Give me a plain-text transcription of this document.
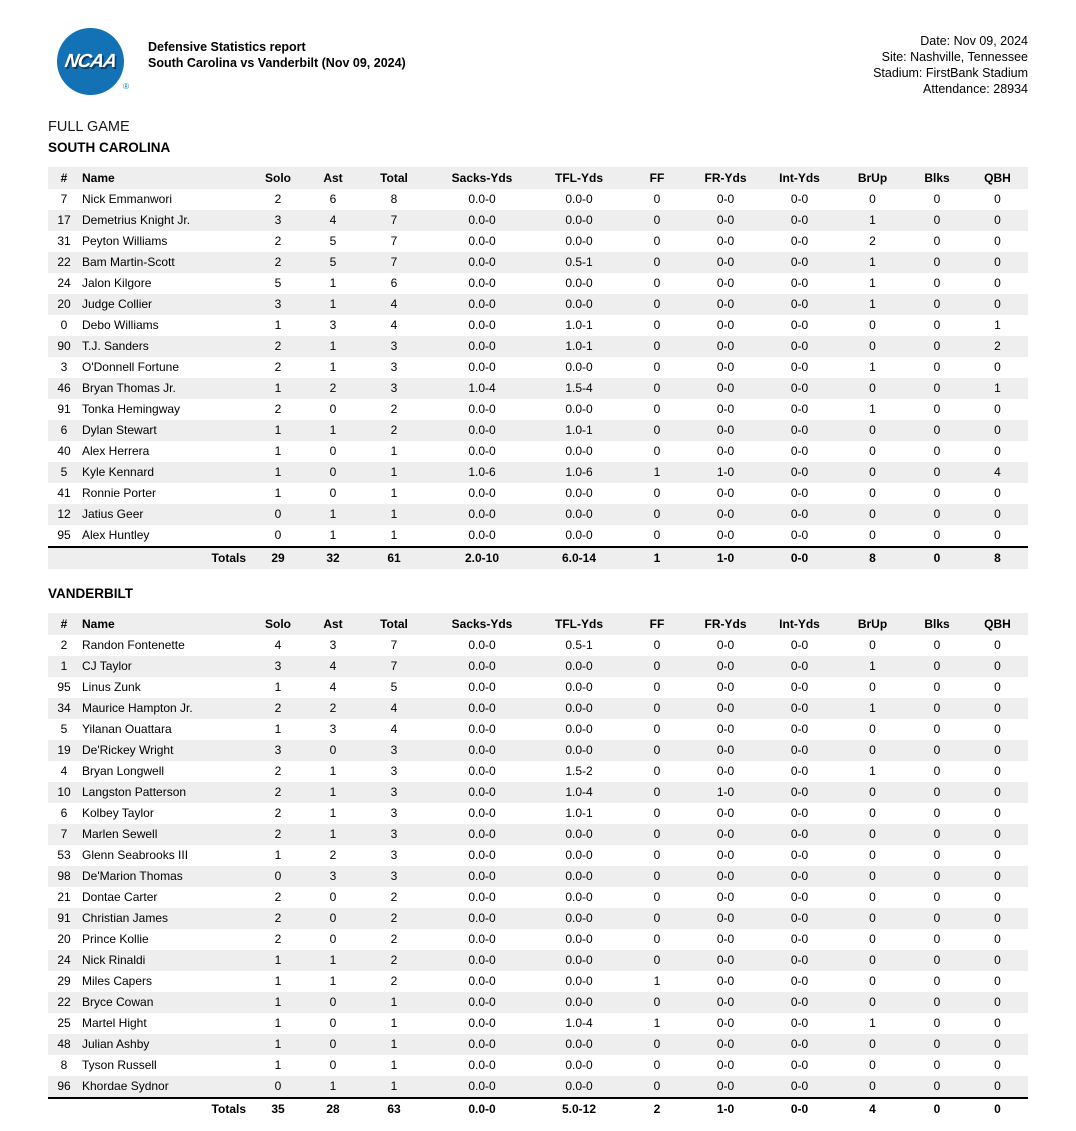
NCAA
®
Defensive Statistics report
South Carolina vs Vanderbilt (Nov 09, 2024)
Date: Nov 09, 2024
Site: Nashville, Tennessee
Stadium: FirstBank Stadium
Attendance: 28934
FULL GAME
SOUTH CAROLINA
#	Name	Solo	Ast	Total	Sacks-Yds	TFL-Yds	FF	FR-Yds	Int-Yds	BrUp	Blks	QBH
7	Nick Emmanwori	2	6	8	0.0-0	0.0-0	0	0-0	0-0	0	0	0
17	Demetrius Knight Jr.	3	4	7	0.0-0	0.0-0	0	0-0	0-0	1	0	0
31	Peyton Williams	2	5	7	0.0-0	0.0-0	0	0-0	0-0	2	0	0
22	Bam Martin-Scott	2	5	7	0.0-0	0.5-1	0	0-0	0-0	1	0	0
24	Jalon Kilgore	5	1	6	0.0-0	0.0-0	0	0-0	0-0	1	0	0
20	Judge Collier	3	1	4	0.0-0	0.0-0	0	0-0	0-0	1	0	0
0	Debo Williams	1	3	4	0.0-0	1.0-1	0	0-0	0-0	0	0	1
90	T.J. Sanders	2	1	3	0.0-0	1.0-1	0	0-0	0-0	0	0	2
3	O'Donnell Fortune	2	1	3	0.0-0	0.0-0	0	0-0	0-0	1	0	0
46	Bryan Thomas Jr.	1	2	3	1.0-4	1.5-4	0	0-0	0-0	0	0	1
91	Tonka Hemingway	2	0	2	0.0-0	0.0-0	0	0-0	0-0	1	0	0
6	Dylan Stewart	1	1	2	0.0-0	1.0-1	0	0-0	0-0	0	0	0
40	Alex Herrera	1	0	1	0.0-0	0.0-0	0	0-0	0-0	0	0	0
5	Kyle Kennard	1	0	1	1.0-6	1.0-6	1	1-0	0-0	0	0	4
41	Ronnie Porter	1	0	1	0.0-0	0.0-0	0	0-0	0-0	0	0	0
12	Jatius Geer	0	1	1	0.0-0	0.0-0	0	0-0	0-0	0	0	0
95	Alex Huntley	0	1	1	0.0-0	0.0-0	0	0-0	0-0	0	0	0
Totals		29	32	61	2.0-10	6.0-14	1	1-0	0-0	8	0	8
VANDERBILT
#	Name	Solo	Ast	Total	Sacks-Yds	TFL-Yds	FF	FR-Yds	Int-Yds	BrUp	Blks	QBH
2	Randon Fontenette	4	3	7	0.0-0	0.5-1	0	0-0	0-0	0	0	0
1	CJ Taylor	3	4	7	0.0-0	0.0-0	0	0-0	0-0	1	0	0
95	Linus Zunk	1	4	5	0.0-0	0.0-0	0	0-0	0-0	0	0	0
34	Maurice Hampton Jr.	2	2	4	0.0-0	0.0-0	0	0-0	0-0	1	0	0
5	Yilanan Ouattara	1	3	4	0.0-0	0.0-0	0	0-0	0-0	0	0	0
19	De'Rickey Wright	3	0	3	0.0-0	0.0-0	0	0-0	0-0	0	0	0
4	Bryan Longwell	2	1	3	0.0-0	1.5-2	0	0-0	0-0	1	0	0
10	Langston Patterson	2	1	3	0.0-0	1.0-4	0	1-0	0-0	0	0	0
6	Kolbey Taylor	2	1	3	0.0-0	1.0-1	0	0-0	0-0	0	0	0
7	Marlen Sewell	2	1	3	0.0-0	0.0-0	0	0-0	0-0	0	0	0
53	Glenn Seabrooks III	1	2	3	0.0-0	0.0-0	0	0-0	0-0	0	0	0
98	De'Marion Thomas	0	3	3	0.0-0	0.0-0	0	0-0	0-0	0	0	0
21	Dontae Carter	2	0	2	0.0-0	0.0-0	0	0-0	0-0	0	0	0
91	Christian James	2	0	2	0.0-0	0.0-0	0	0-0	0-0	0	0	0
20	Prince Kollie	2	0	2	0.0-0	0.0-0	0	0-0	0-0	0	0	0
24	Nick Rinaldi	1	1	2	0.0-0	0.0-0	0	0-0	0-0	0	0	0
29	Miles Capers	1	1	2	0.0-0	0.0-0	1	0-0	0-0	0	0	0
22	Bryce Cowan	1	0	1	0.0-0	0.0-0	0	0-0	0-0	0	0	0
25	Martel Hight	1	0	1	0.0-0	1.0-4	1	0-0	0-0	1	0	0
48	Julian Ashby	1	0	1	0.0-0	0.0-0	0	0-0	0-0	0	0	0
8	Tyson Russell	1	0	1	0.0-0	0.0-0	0	0-0	0-0	0	0	0
96	Khordae Sydnor	0	1	1	0.0-0	0.0-0	0	0-0	0-0	0	0	0
Totals		35	28	63	0.0-0	5.0-12	2	1-0	0-0	4	0	0
